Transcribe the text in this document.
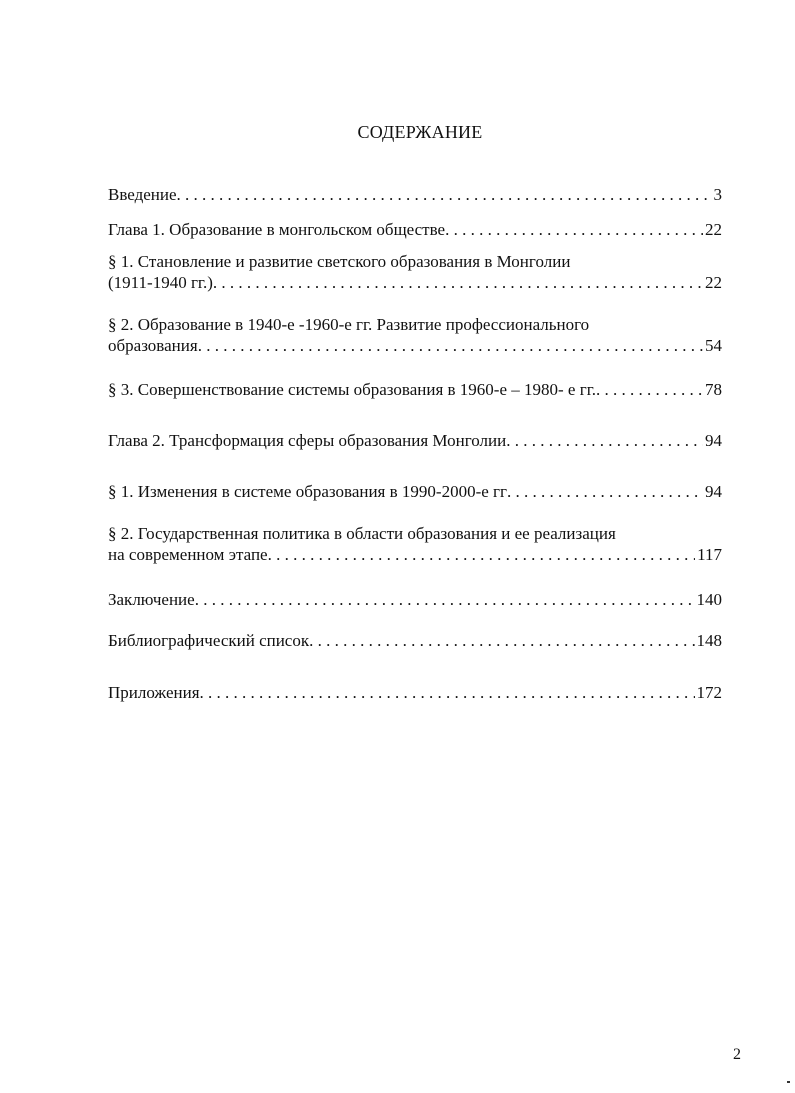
СОДЕРЖАНИЕ
Введение . . .	3
Глава 1. Образование в монгольском обществе . . .	22
§ 1. Становление и развитие светского образования в Монголии
(1911-1940 гг.) . . .	22
§ 2. Образование в 1940-е -1960-е гг. Развитие профессионального
образования . . .	54
§ 3. Совершенствование системы образования в 1960-е – 1980- е гг. . . .	78
Глава 2. Трансформация сферы образования Монголии . . .	94
§ 1. Изменения в системе образования в 1990-2000-е гг . . .	94
§ 2. Государственная политика в области образования и ее реализация
на современном этапе . . .	117
Заключение . . .	140
Библиографический список . . .	148
Приложения . . .	172
2
